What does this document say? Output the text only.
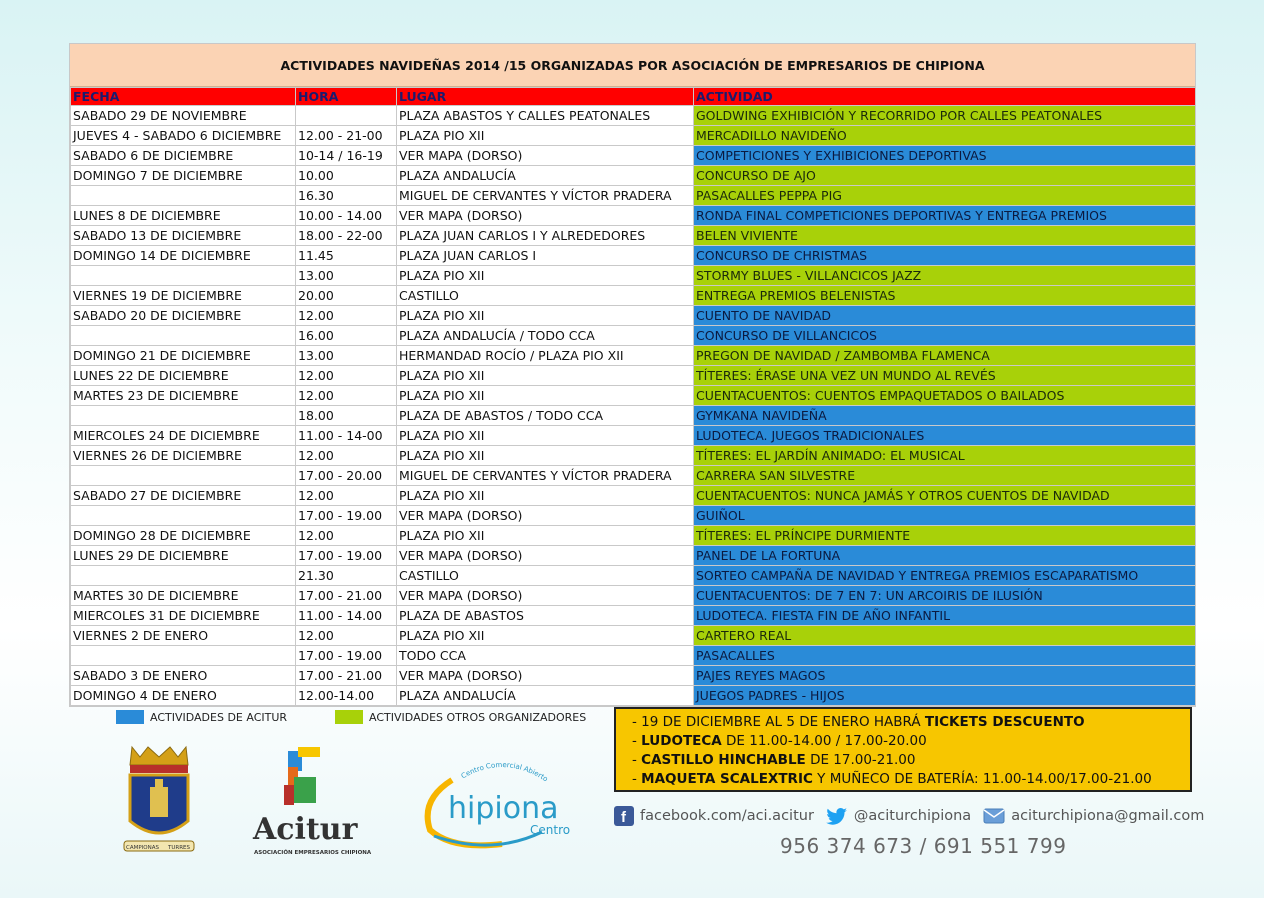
ACTIVIDADES NAVIDEÑAS 2014 /15 ORGANIZADAS POR ASOCIACIÓN DE EMPRESARIOS DE CHIPIONA
FECHA	HORA	LUGAR	ACTIVIDAD
SABADO 29 DE NOVIEMBRE		PLAZA ABASTOS Y CALLES PEATONALES	GOLDWING EXHIBICIÓN Y RECORRIDO POR CALLES PEATONALES
JUEVES 4 - SABADO 6 DICIEMBRE	12.00 - 21-00	PLAZA PIO XII	MERCADILLO NAVIDEÑO
SABADO 6 DE DICIEMBRE	10-14 / 16-19	VER MAPA (DORSO)	COMPETICIONES Y EXHIBICIONES DEPORTIVAS
DOMINGO 7 DE DICIEMBRE	10.00	PLAZA ANDALUCÍA	CONCURSO DE AJO
	16.30	MIGUEL DE CERVANTES Y VÍCTOR PRADERA	PASACALLES PEPPA PIG
LUNES 8 DE DICIEMBRE	10.00 - 14.00	VER MAPA (DORSO)	RONDA FINAL COMPETICIONES DEPORTIVAS Y ENTREGA PREMIOS
SABADO 13 DE DICIEMBRE	18.00 - 22-00	PLAZA JUAN CARLOS I Y ALREDEDORES	BELEN VIVIENTE
DOMINGO 14 DE DICIEMBRE	11.45	PLAZA JUAN CARLOS I	CONCURSO DE CHRISTMAS
	13.00	PLAZA PIO XII	STORMY BLUES - VILLANCICOS JAZZ
VIERNES 19 DE DICIEMBRE	20.00	CASTILLO	ENTREGA PREMIOS BELENISTAS
SABADO 20 DE DICIEMBRE	12.00	PLAZA PIO XII	CUENTO DE NAVIDAD
	16.00	PLAZA ANDALUCÍA / TODO CCA	CONCURSO DE VILLANCICOS
DOMINGO 21 DE DICIEMBRE	13.00	HERMANDAD ROCÍO / PLAZA PIO XII	PREGON DE NAVIDAD / ZAMBOMBA FLAMENCA
LUNES 22 DE DICIEMBRE	12.00	PLAZA PIO XII	TÍTERES: ÉRASE UNA VEZ UN MUNDO AL REVÉS
MARTES 23 DE DICIEMBRE	12.00	PLAZA PIO XII	CUENTACUENTOS: CUENTOS EMPAQUETADOS O BAILADOS
	18.00	PLAZA DE ABASTOS / TODO CCA	GYMKANA NAVIDEÑA
MIERCOLES 24 DE DICIEMBRE	11.00 - 14-00	PLAZA PIO XII	LUDOTECA. JUEGOS TRADICIONALES
VIERNES 26 DE DICIEMBRE	12.00	PLAZA PIO XII	TÍTERES: EL JARDÍN ANIMADO: EL MUSICAL
	17.00 - 20.00	MIGUEL DE CERVANTES Y VÍCTOR PRADERA	CARRERA SAN SILVESTRE
SABADO 27 DE DICIEMBRE	12.00	PLAZA PIO XII	CUENTACUENTOS: NUNCA JAMÁS Y OTROS CUENTOS DE NAVIDAD
	17.00 - 19.00	VER MAPA (DORSO)	GUIÑOL
DOMINGO 28 DE DICIEMBRE	12.00	PLAZA PIO XII	TÍTERES: EL PRÍNCIPE DURMIENTE
LUNES 29 DE DICIEMBRE	17.00 - 19.00	VER MAPA (DORSO)	PANEL DE LA FORTUNA
	21.30	CASTILLO	SORTEO CAMPAÑA DE NAVIDAD Y ENTREGA PREMIOS ESCAPARATISMO
MARTES 30 DE DICIEMBRE	17.00 - 21.00	VER MAPA (DORSO)	CUENTACUENTOS: DE 7 EN 7: UN ARCOIRIS DE ILUSIÓN
MIERCOLES 31 DE DICIEMBRE	11.00 - 14.00	PLAZA DE ABASTOS	LUDOTECA. FIESTA FIN DE AÑO INFANTIL
VIERNES 2 DE ENERO	12.00	PLAZA PIO XII	CARTERO REAL
	17.00 - 19.00	TODO CCA	PASACALLES
SABADO 3 DE ENERO	17.00 - 21.00	VER MAPA (DORSO)	PAJES REYES MAGOS
DOMINGO 4 DE ENERO	12.00-14.00	PLAZA ANDALUCÍA	JUEGOS PADRES - HIJOS
ACTIVIDADES DE ACITUR	ACTIVIDADES OTROS ORGANIZADORES	- 19 DE DICIEMBRE AL 5 DE ENERO HABRÁ TICKETS DESCUENTO
- LUDOTECA DE 11.00-14.00 / 17.00-20.00
- CASTILLO HINCHABLE DE 17.00-21.00
- MAQUETA SCALEXTRIC Y MUÑECO DE BATERÍA: 11.00-14.00/17.00-21.00
f facebook.com/aci.acitur	@aciturchipiona	aciturchipiona@gmail.com
956 374 673 / 691 551 799
CAMPIONAS TURRES
Acitur
ASOCIACIÓN EMPRESARIOS CHIPIONA
Centro Comercial Abierto
hipiona
Centro
